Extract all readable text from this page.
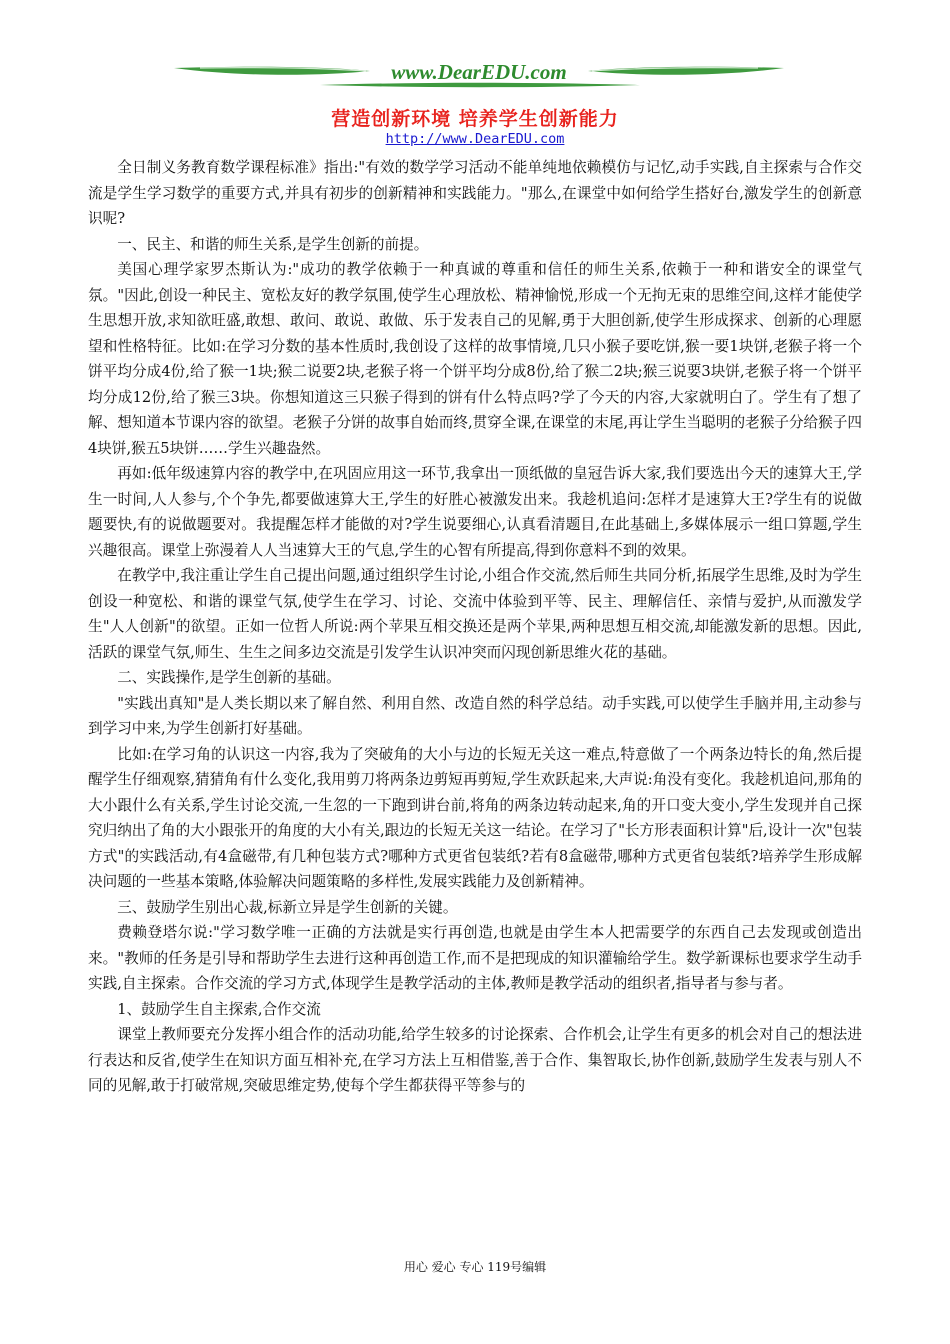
www.DearEDU.com
营造创新环境 培养学生创新能力
http://www.DearEDU.com

全日制义务教育数学课程标准》指出:"有效的数学学习活动不能单纯地依赖模仿与记忆,动手实践,自主探索与合作交流是学生学习数学的重要方式,并具有初步的创新精神和实践能力。"那么,在课堂中如何给学生搭好台,激发学生的创新意识呢?

一、民主、和谐的师生关系,是学生创新的前提。

美国心理学家罗杰斯认为:"成功的教学依赖于一种真诚的尊重和信任的师生关系,依赖于一种和谐安全的课堂气氛。"因此,创设一种民主、宽松友好的教学氛围,使学生心理放松、精神愉悦,形成一个无拘无束的思维空间,这样才能使学生思想开放,求知欲旺盛,敢想、敢问、敢说、敢做、乐于发表自己的见解,勇于大胆创新,使学生形成探求、创新的心理愿望和性格特征。比如:在学习分数的基本性质时,我创设了这样的故事情境,几只小猴子要吃饼,猴一要1块饼,老猴子将一个饼平均分成4份,给了猴一1块;猴二说要2块,老猴子将一个饼平均分成8份,给了猴二2块;猴三说要3块饼,老猴子将一个饼平均分成12份,给了猴三3块。你想知道这三只猴子得到的饼有什么特点吗?学了今天的内容,大家就明白了。学生有了想了解、想知道本节课内容的欲望。老猴子分饼的故事自始而终,贯穿全课,在课堂的末尾,再让学生当聪明的老猴子分给猴子四4块饼,猴五5块饼……学生兴趣盎然。

再如:低年级速算内容的教学中,在巩固应用这一环节,我拿出一顶纸做的皇冠告诉大家,我们要选出今天的速算大王,学生一时间,人人参与,个个争先,都要做速算大王,学生的好胜心被激发出来。我趁机追问:怎样才是速算大王?学生有的说做题要快,有的说做题要对。我提醒怎样才能做的对?学生说要细心,认真看清题目,在此基础上,多媒体展示一组口算题,学生兴趣很高。课堂上弥漫着人人当速算大王的气息,学生的心智有所提高,得到你意料不到的效果。

在教学中,我注重让学生自己提出问题,通过组织学生讨论,小组合作交流,然后师生共同分析,拓展学生思维,及时为学生创设一种宽松、和谐的课堂气氛,使学生在学习、讨论、交流中体验到平等、民主、理解信任、亲情与爱护,从而激发学生"人人创新"的欲望。正如一位哲人所说:两个苹果互相交换还是两个苹果,两种思想互相交流,却能激发新的思想。因此,活跃的课堂气氛,师生、生生之间多边交流是引发学生认识冲突而闪现创新思维火花的基础。

二、实践操作,是学生创新的基础。

"实践出真知"是人类长期以来了解自然、利用自然、改造自然的科学总结。动手实践,可以使学生手脑并用,主动参与到学习中来,为学生创新打好基础。

比如:在学习角的认识这一内容,我为了突破角的大小与边的长短无关这一难点,特意做了一个两条边特长的角,然后提醒学生仔细观察,猜猜角有什么变化,我用剪刀将两条边剪短再剪短,学生欢跃起来,大声说:角没有变化。我趁机追问,那角的大小跟什么有关系,学生讨论交流,一生忽的一下跑到讲台前,将角的两条边转动起来,角的开口变大变小,学生发现并自己探究归纳出了角的大小跟张开的角度的大小有关,跟边的长短无关这一结论。在学习了"长方形表面积计算"后,设计一次"包装方式"的实践活动,有4盒磁带,有几种包装方式?哪种方式更省包装纸?若有8盒磁带,哪种方式更省包装纸?培养学生形成解决问题的一些基本策略,体验解决问题策略的多样性,发展实践能力及创新精神。

三、鼓励学生别出心裁,标新立异是学生创新的关键。

费赖登塔尔说:"学习数学唯一正确的方法就是实行再创造,也就是由学生本人把需要学的东西自己去发现或创造出来。"教师的任务是引导和帮助学生去进行这种再创造工作,而不是把现成的知识灌输给学生。数学新课标也要求学生动手实践,自主探索。合作交流的学习方式,体现学生是教学活动的主体,教师是教学活动的组织者,指导者与参与者。

1、鼓励学生自主探索,合作交流

课堂上教师要充分发挥小组合作的活动功能,给学生较多的讨论探索、合作机会,让学生有更多的机会对自己的想法进行表达和反省,使学生在知识方面互相补充,在学习方法上互相借鉴,善于合作、集智取长,协作创新,鼓励学生发表与别人不同的见解,敢于打破常规,突破思维定势,使每个学生都获得平等参与的

用心 爱心 专心 119号编辑
